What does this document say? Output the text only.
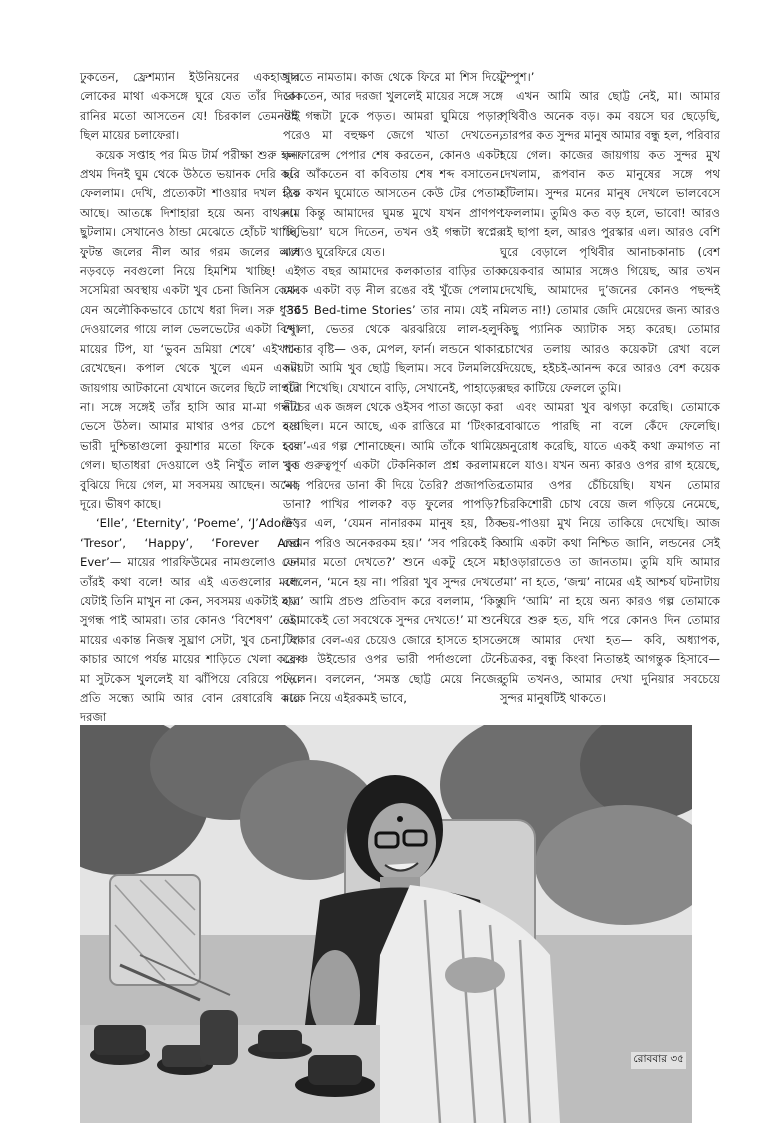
ঢুকতেন, ফ্রেশম্যান ইউনিয়নের একহাজার লোকের মাথা একসঙ্গে ঘুরে যেত তাঁর দিকে। রানির মতো আসতেন যে! চিরকাল তেমনটাই ছিল মায়ের চলাফেরা।

কয়েক সপ্তাহ পর মিড টার্ম পরীক্ষা শুরু হল। প্রথম দিনই ঘুম থেকে উঠতে ভয়ানক দেরি করে ফেললাম। দেখি, প্রত্যেকটা শাওয়ার দখল হয়ে আছে। আতঙ্কে দিশাহারা হয়ে অন্য বাথরুমে ছুটলাম। সেখানেও ঠান্ডা মেঝেতে হোঁচট খাচ্ছি, ফুটন্ত জলের নীল আর গরম জলের লাল নড়বড়ে নবগুলো নিয়ে হিমশিম খাচ্ছি! এই সসেমিরা অবস্থায় একটা খুব চেনা জিনিস কেমন যেন অলৌকিকভাবে চোখে ধরা দিল। সরু ধুসর দেওয়ালের গায়ে লাল ভেলভেটের একটা বিন্দু। মায়ের টিপ, যা ‘ভুবন ভ্রমিয়া শেষে’ এইখানে রেখেছেন। কপাল থেকে খুলে এমন একটা জায়গায় আটকানো যেখানে জলের ছিটে লাগবে না। সঙ্গে সঙ্গেই তাঁর হাসি আর মা-মা গন্ধটা ভেসে উঠল। আমার মাথার ওপর চেপে বসা ভারী দুশ্চিন্তাগুলো কুয়াশার মতো ফিকে হয়ে গেল। ছাতাধরা দেওয়ালে ওই নিখুঁত লাল বৃত্ত বুঝিয়ে দিয়ে গেল, মা সবসময় আছেন। অনেক দূরে। ভীষণ কাছে।

‘Elle’, ‘Eternity’, ‘Poeme’, ‘J’Adore’, ‘Tresor’, ‘Happy’, ‘Forever And Ever’— মায়ের পারফিউমের নামগুলোও যেন তাঁরই কথা বলে! আর এই এতগুলোর মধ্যে যেটাই তিনি মাখুন না কেন, সবসময় একটাই মাত্র সুগন্ধ পাই আমরা। তার কোনও ‘বিশেষণ’ নেই। মায়ের একান্ত নিজস্ব সুঘ্রাণ সেটা, খুব চেনা, যা কাচার আগে পর্যন্ত মায়ের শাড়িতে খেলা করে। মা সুটকেস খুললেই যা ঝাঁপিয়ে বেরিয়ে পড়ে। প্রতি সন্ধ্যে আমি আর বোন রেষারেষি করে দরজা

খুলতে নামতাম। কাজ থেকে ফিরে মা শিস দিয়ে ডাকতেন, আর দরজা খুললেই মায়ের সঙ্গে সঙ্গে ওই গন্ধটা ঢুকে পড়ত। আমরা ঘুমিয়ে পড়ার পরেও মা বহুক্ষণ জেগে খাতা দেখতেন, কনফারেন্স পেপার শেষ করতেন, কোনও একটা ছবি আঁকতেন বা কবিতায় শেষ শব্দ বসাতেন। ঠিক কখন ঘুমোতে আসতেন কেউ টের পেতাম না। কিন্তু আমাদের ঘুমন্ত মুখে যখন প্রাণপণ ‘নিভিয়া’ ঘসে দিতেন, তখন ওই গন্ধটা স্বপ্নের মধ্যেও ঘুরেফিরে যেত।

গত বছর আমাদের কলকাতার বাড়ির তাক থেকে একটা বড় নীল রঙের বই খুঁজে পেলাম। ‘365 Bed-time Stories’ তার নাম। যেই না খোলা, ভেতর থেকে ঝরঝরিয়ে লাল-হলুদ পাতার বৃষ্টি— ওক, মেপল, ফার্ন। লন্ডনে থাকার সময়টা আমি খুব ছোট্ট ছিলাম। সবে টলমলিয়ে হাঁটা শিখেছি। যেখানে বাড়ি, সেখানেই, পাহাড়ের নীচের এক জঙ্গল থেকে ওইসব পাতা জড়ো করা হয়েছিল। মনে আছে, এক রাত্তিরে মা ‘টিংকার বেল’-এর গল্প শোনাচ্ছেন। আমি তাঁকে থামিয়ে খুব গুরুত্বপূর্ণ একটা টেকনিকাল প্রশ্ন করলাম। ‘মা, পরিদের ডানা কী দিয়ে তৈরি? প্রজাপতির ডানা? পাখির পালক? বড় ফুলের পাপড়ি?’ উত্তর এল, ‘যেমন নানারকম মানুষ হয়, ঠিক তেমন পরিও অনেকরকম হয়।’ ‘সব পরিকেই কি তোমার মতো দেখতে?’ শুনে একটু হেসে মা বললেন, ‘মনে হয় না। পরিরা খুব সুন্দর দেখতে হয়।’ আমি প্রচণ্ড প্রতিবাদ করে বললাম, ‘কিন্তু তোমাকেই তো সবথেকে সুন্দর দেখতে!’ মা শুনে টিংকার বেল-এর চেয়েও জোরে হাসতে হাসতে ফ্রেঞ্চ উইন্ডোর ওপর ভারী পর্দাগুলো টেনে দিলেন। বললেন, ‘সমস্ত ছোট্ট মেয়ে নিজের মাকে নিয়ে এইরকমই ভাবে,

টুম্পুশ।’

এখন আমি আর ছোট্ট নেই, মা। আমার পৃথিবীও অনেক বড়। কম বয়সে ঘর ছেড়েছি, তারপর কত সুন্দর মানুষ আমার বন্ধু হল, পরিবার হয়ে গেল। কাজের জায়গায় কত সুন্দর মুখ দেখলাম, রূপবান কত মানুষের সঙ্গে পথ হাঁটলাম। সুন্দর মনের মানুষ দেখলে ভালবেসে ফেললাম। তুমিও কত বড় হলে, ভাবো! আরও বই ছাপা হল, আরও পুরস্কার এল। আরও বেশি ঘুরে বেড়ালে পৃথিবীর আনাচকানাচ (বেশ কয়েকবার আমার সঙ্গেও গিয়েছ, আর তখন দেখেছি, আমাদের দু’জনের কোনও পছন্দই মিলত না!) তোমার জেদি মেয়েদের জন্য আরও কিছু প্যানিক অ্যাটাক সহ্য করেছ। তোমার চোখের তলায় আরও কয়েকটা রেখা বলে দিয়েছে, হইচই-আনন্দ করে আরও বেশ কয়েক বছর কাটিয়ে ফেললে তুমি।

এবং আমরা খুব ঝগড়া করেছি। তোমাকে বোঝাতে পারছি না বলে কেঁদে ফেলেছি। অনুরোধ করেছি, যাতে একই কথা ক্রমাগত না বলে যাও। যখন অন্য কারও ওপর রাগ হয়েছে, তোমার ওপর চেঁচিয়েছি। যখন তোমার চিরকিশোরী চোখ বেয়ে জল গড়িয়ে নেমেছে, ভয়-পাওয়া মুখ নিয়ে তাকিয়ে দেখেছি। আজ আমি একটা কথা নিশ্চিত জানি, লন্ডনের সেই হাওড়ারাতেও তা জানতাম। তুমি যদি আমার ‘মা’ না হতে, ‘জন্ম’ নামের এই আশ্চর্য ঘটনাটায় যদি ‘আমি’ না হয়ে অন্য কারও গল্প তোমাকে ঘিরে শুরু হত, যদি পরে কোনও দিন তোমার সঙ্গে আমার দেখা হত— কবি, অধ্যাপক, চিত্রকর, বন্ধু কিংবা নিতান্তই আগন্তুক হিসাবে— তুমি তখনও, আমার দেখা দুনিয়ার সবচেয়ে সুন্দর মানুষটিই থাকতে।

রোববার ৩৫
